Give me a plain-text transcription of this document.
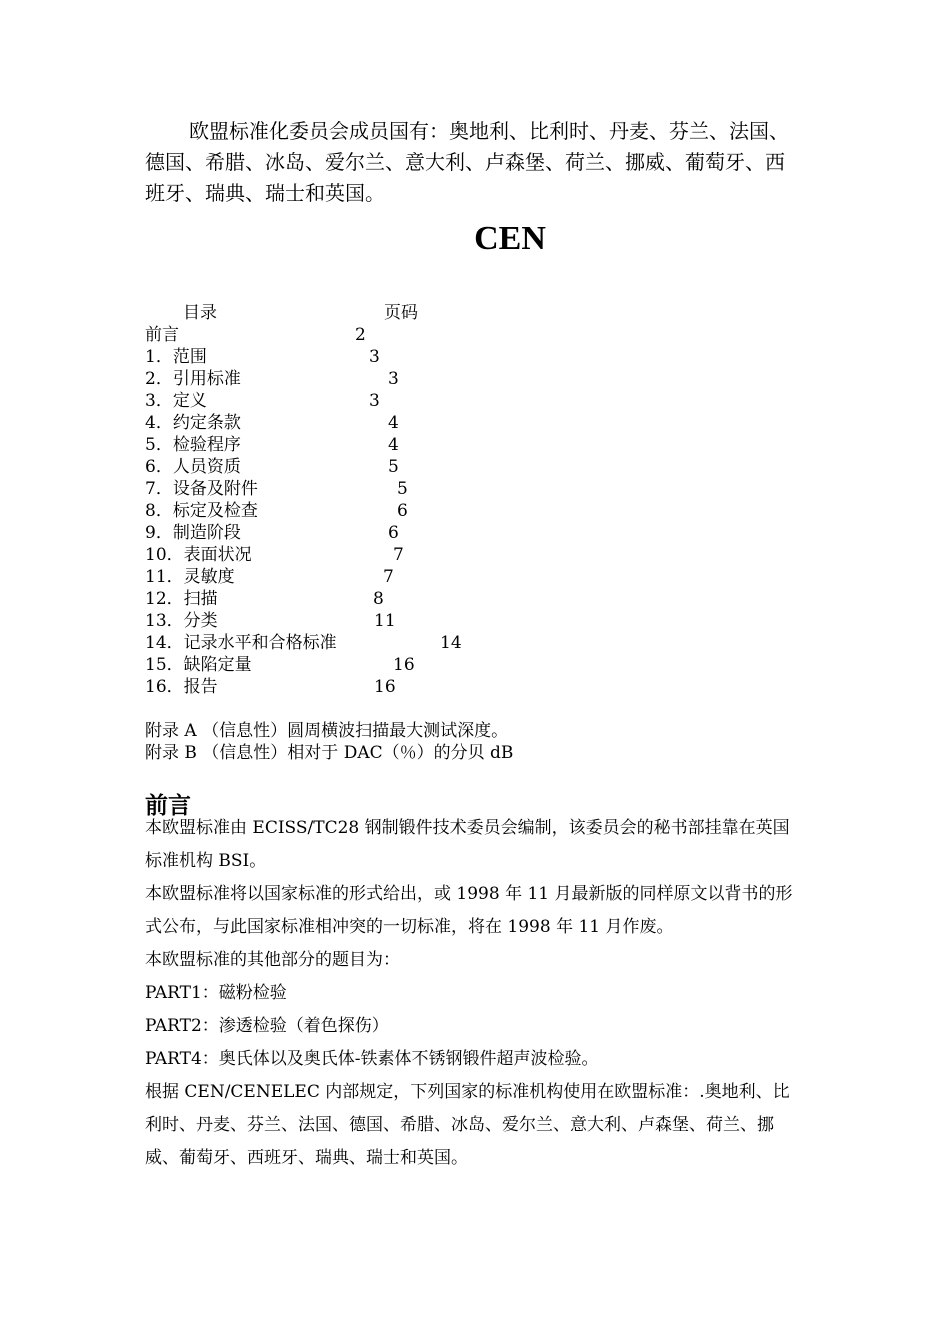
欧盟标准化委员会成员国有：奥地利、比利时、丹麦、芬兰、法国、德国、希腊、冰岛、爱尔兰、意大利、卢森堡、荷兰、挪威、葡萄牙、西班牙、瑞典、瑞士和英国。

CEN
目录	页码
前言	2
1．范围	3
2．引用标准	3
3．定义	3
4．约定条款	4
5．检验程序	4
6．人员资质	5
7．设备及附件	5
8．标定及检查	6
9．制造阶段	6
10．表面状况	7
11．灵敏度	7
12．扫描	8
13．分类	11
14．记录水平和合格标准	14
15．缺陷定量	16
16．报告	16
附录 A （信息性）圆周横波扫描最大测试深度。
附录 B （信息性）相对于 DAC（％）的分贝 dB
前言

本欧盟标准由 ECISS/TC28 钢制锻件技术委员会编制，该委员会的秘书部挂靠在英国标准机构 BSI。

本欧盟标准将以国家标准的形式给出，或 1998 年 11 月最新版的同样原文以背书的形式公布，与此国家标准相冲突的一切标准，将在 1998 年 11 月作废。

本欧盟标准的其他部分的题目为：

PART1：磁粉检验

PART2：渗透检验（着色探伤）

PART4：奥氏体以及奥氏体-铁素体不锈钢锻件超声波检验。

根据 CEN/CENELEC 内部规定，下列国家的标准机构使用在欧盟标准：.奥地利、比利时、丹麦、芬兰、法国、德国、希腊、冰岛、爱尔兰、意大利、卢森堡、荷兰、挪威、葡萄牙、西班牙、瑞典、瑞士和英国。
